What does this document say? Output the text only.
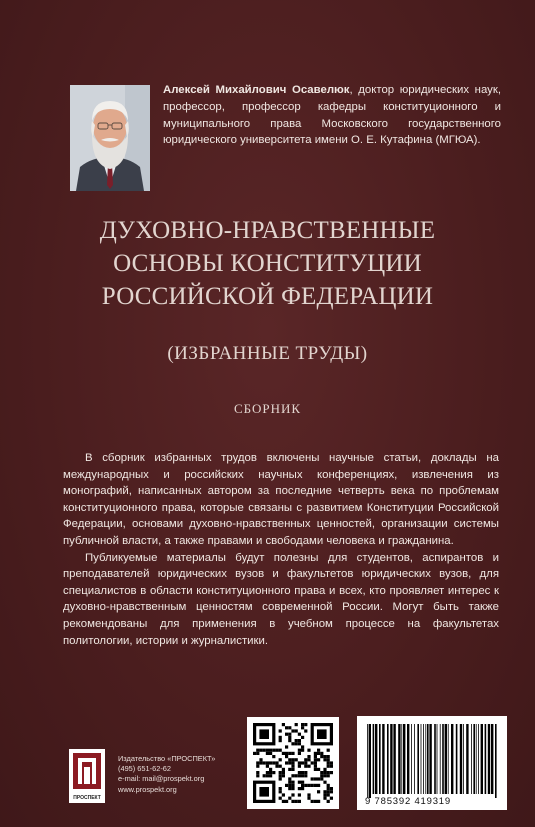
Алексей Михайлович Осавелюк, доктор юридических наук, профессор, профессор кафедры конституционного и муниципального права Московского государственного юридического университета имени О. Е. Кутафина (МГЮА).
ДУХОВНО-НРАВСТВЕННЫЕ
ОСНОВЫ КОНСТИТУЦИИ
РОССИЙСКОЙ ФЕДЕРАЦИИ
(ИЗБРАННЫЕ ТРУДЫ)
СБОРНИК

В сборник избранных трудов включены научные статьи, доклады на международных и российских научных конференциях, извлечения из монографий, написанных автором за последние четверть века по проблемам конституционного права, которые связаны с развитием Конституции Российской Федерации, основами духовно-нравственных ценностей, организации системы публичной власти, а также правами и свободами человека и гражданина.

Публикуемые материалы будут полезны для студентов, аспирантов и преподавателей юридических вузов и факультетов юридических вузов, для специалистов в области конституционного права и всех, кто проявляет интерес к духовно-нравственным ценностям современной России. Могут быть также рекомендованы для применения в учебном процессе на факультетах политологии, истории и журналистики.

ПРОСПЕКТ
Издательство «ПРОСПЕКТ»
(495) 651-62-62
e-mail: mail@prospekt.org
www.prospekt.org
9 785392 419319
